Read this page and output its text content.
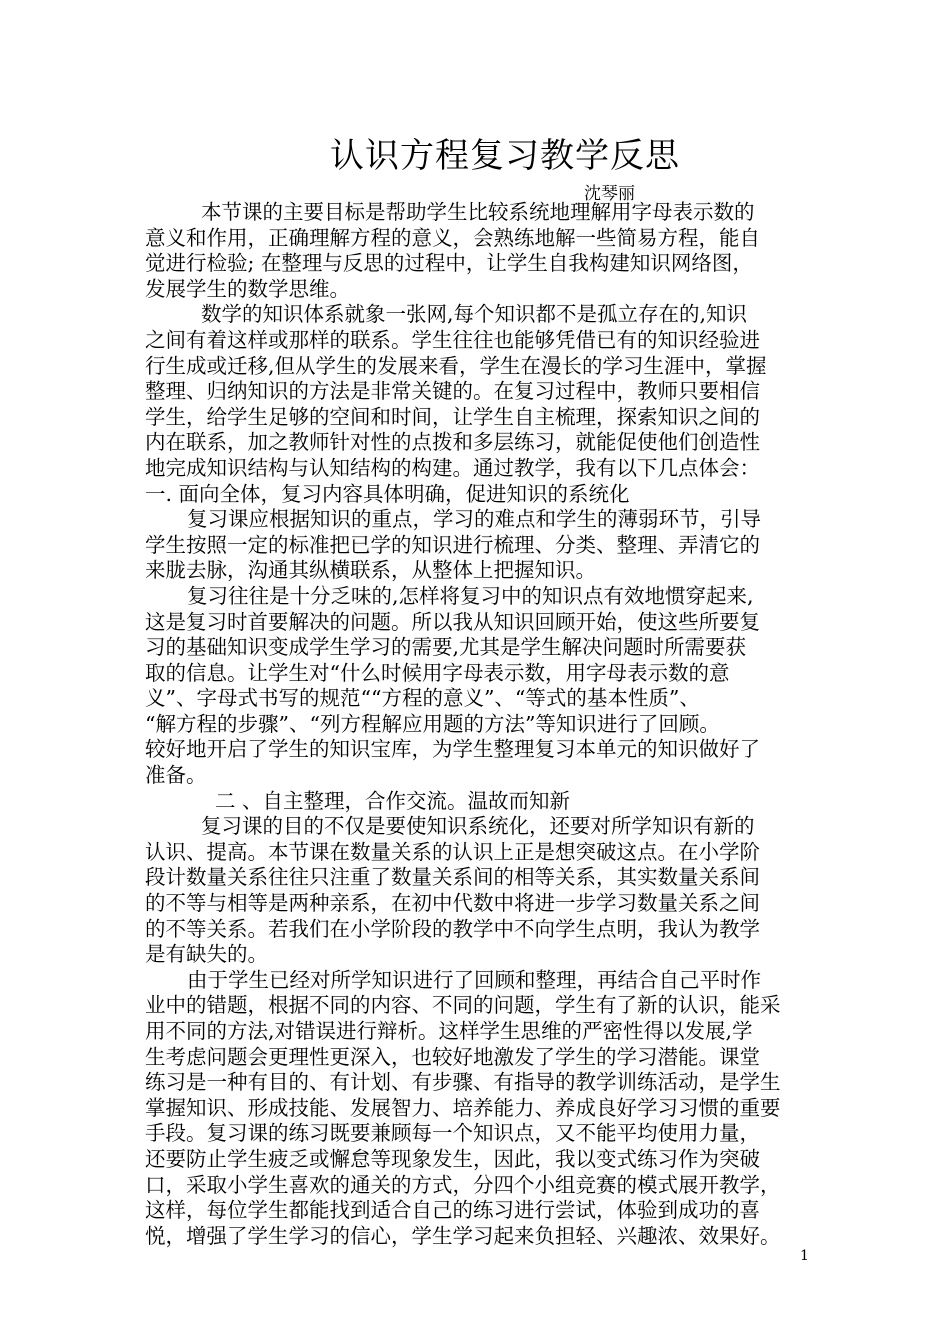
认识方程复习教学反思
沈琴丽
本节课的主要目标是帮助学生比较系统地理解用字母表示数的
意义和作用，正确理解方程的意义，会熟练地解一些简易方程，能自
觉进行检验; 在整理与反思的过程中，让学生自我构建知识网络图，
发展学生的数学思维。
数学的知识体系就象一张网,每个知识都不是孤立存在的,知识
之间有着这样或那样的联系。学生往往也能够凭借已有的知识经验进
行生成或迁移,但从学生的发展来看，学生在漫长的学习生涯中，掌握
整理、归纳知识的方法是非常关键的。在复习过程中，教师只要相信
学生，给学生足够的空间和时间，让学生自主梳理，探索知识之间的
内在联系，加之教师针对性的点拨和多层练习，就能促使他们创造性
地完成知识结构与认知结构的构建。通过教学，我有以下几点体会：
一. 面向全体，复习内容具体明确，促进知识的系统化
复习课应根据知识的重点，学习的难点和学生的薄弱环节，引导
学生按照一定的标准把已学的知识进行梳理、分类、整理、弄清它的
来胧去脉，沟通其纵横联系，从整体上把握知识。
复习往往是十分乏味的,怎样将复习中的知识点有效地惯穿起来,
这是复习时首要解决的问题。所以我从知识回顾开始，使这些所要复
习的基础知识变成学生学习的需要,尤其是学生解决问题时所需要获
取的信息。让学生对“什么时候用字母表示数，用字母表示数的意
义”、字母式书写的规范““方程的意义”、“等式的基本性质”、
“解方程的步骤”、“列方程解应用题的方法”等知识进行了回顾。
较好地开启了学生的知识宝库，为学生整理复习本单元的知识做好了
准备。
二 、自主整理，合作交流。温故而知新
复习课的目的不仅是要使知识系统化，还要对所学知识有新的
认识、提高。本节课在数量关系的认识上正是想突破这点。在小学阶
段计数量关系往往只注重了数量关系间的相等关系，其实数量关系间
的不等与相等是两种亲系，在初中代数中将进一步学习数量关系之间
的不等关系。若我们在小学阶段的教学中不向学生点明，我认为教学
是有缺失的。
由于学生已经对所学知识进行了回顾和整理，再结合自己平时作
业中的错题，根据不同的内容、不同的问题，学生有了新的认识，能采
用不同的方法,对错误进行辩析。这样学生思维的严密性得以发展,学
生考虑问题会更理性更深入，也较好地激发了学生的学习潜能。课堂
练习是一种有目的、有计划、有步骤、有指导的教学训练活动，是学生
掌握知识、形成技能、发展智力、培养能力、养成良好学习习惯的重要
手段。复习课的练习既要兼顾每一个知识点，又不能平均使用力量，
还要防止学生疲乏或懈怠等现象发生，因此，我以变式练习作为突破
口，采取小学生喜欢的通关的方式，分四个小组竞赛的模式展开教学，
这样，每位学生都能找到适合自己的练习进行尝试，体验到成功的喜
悦，增强了学生学习的信心，学生学习起来负担轻、兴趣浓、效果好。
1
